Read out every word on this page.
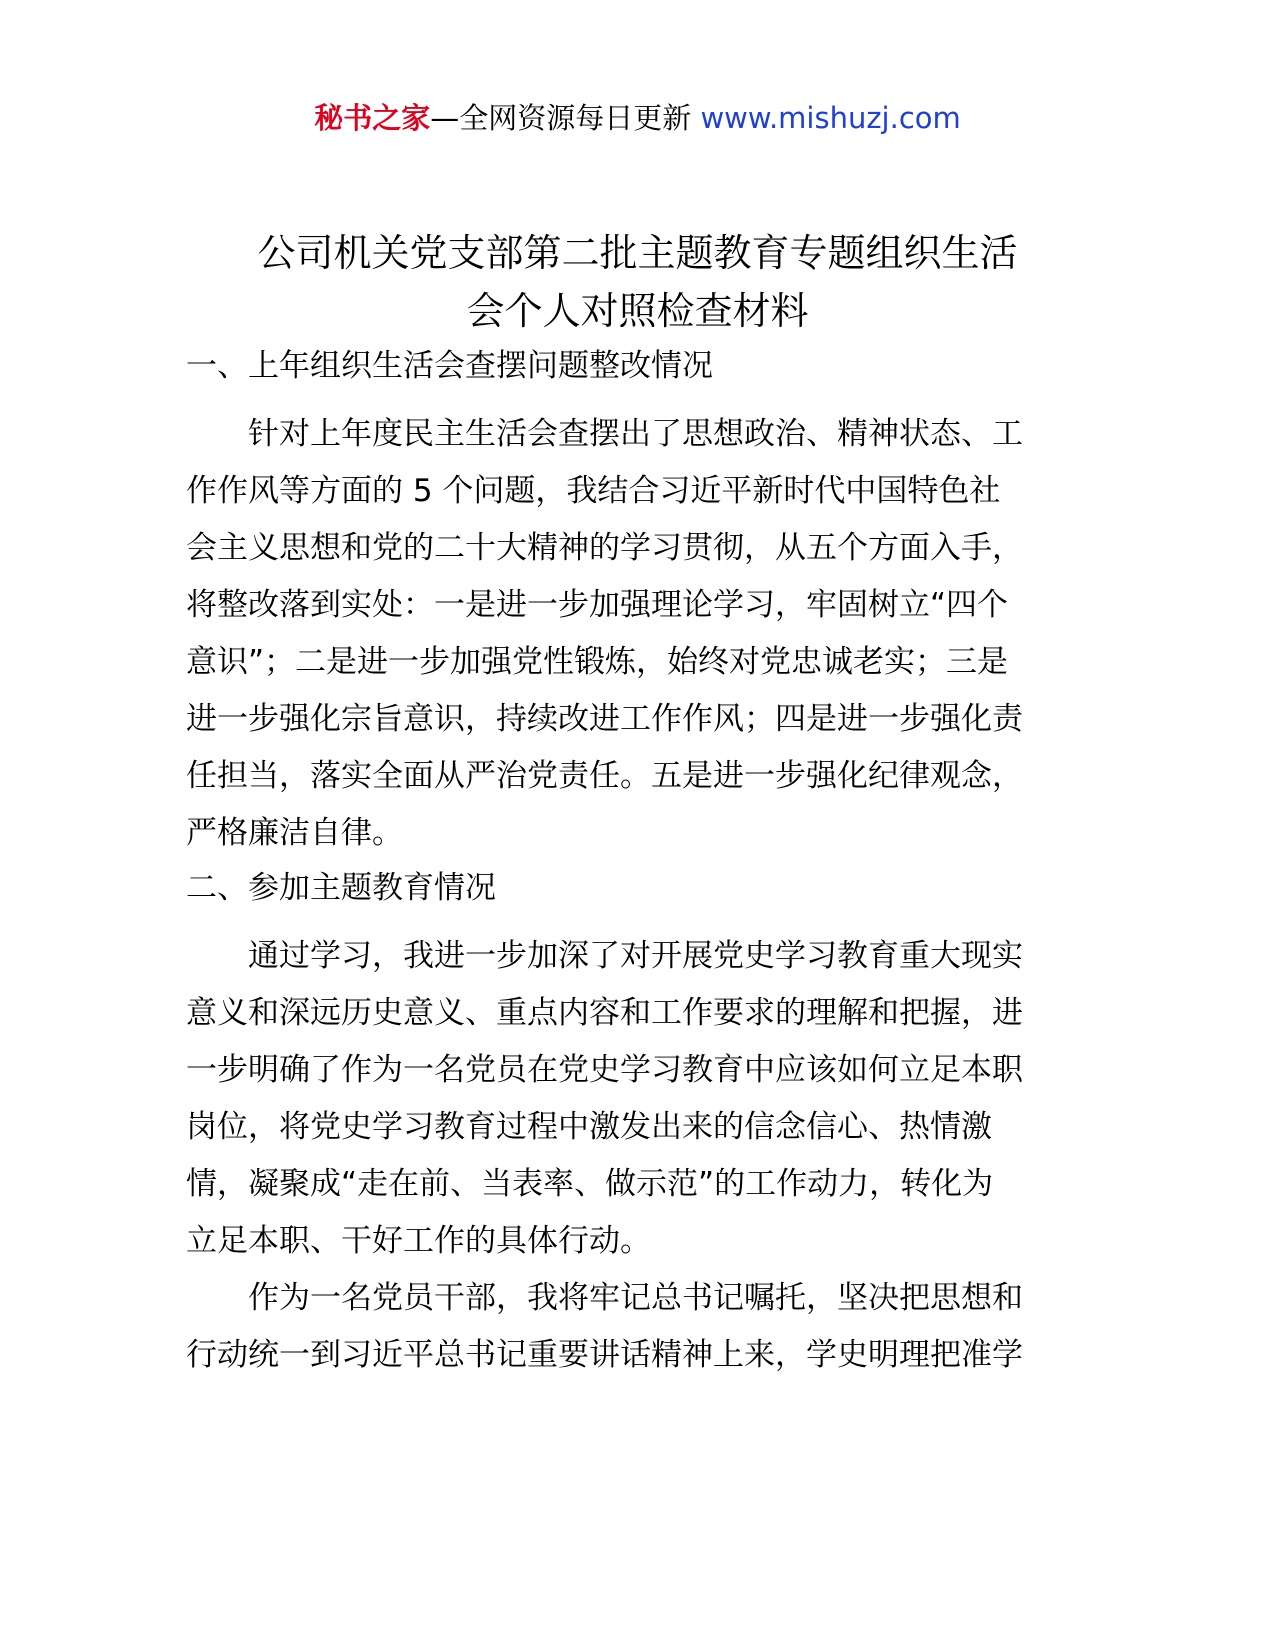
秘书之家—全网资源每日更新 www.mishuzj.com
公司机关党支部第二批主题教育专题组织生活
会个人对照检查材料
一、上年组织生活会查摆问题整改情况
　　针对上年度民主生活会查摆出了思想政治、精神状态、工
作作风等方面的 5 个问题，我结合习近平新时代中国特色社
会主义思想和党的二十大精神的学习贯彻，从五个方面入手，
将整改落到实处：一是进一步加强理论学习，牢固树立“四个
意识”；二是进一步加强党性锻炼，始终对党忠诚老实；三是
进一步强化宗旨意识，持续改进工作作风；四是进一步强化责
任担当，落实全面从严治党责任。五是进一步强化纪律观念，
严格廉洁自律。
二、参加主题教育情况
　　通过学习，我进一步加深了对开展党史学习教育重大现实
意义和深远历史意义、重点内容和工作要求的理解和把握，进
一步明确了作为一名党员在党史学习教育中应该如何立足本职
岗位，将党史学习教育过程中激发出来的信念信心、热情激
情，凝聚成“走在前、当表率、做示范”的工作动力，转化为
立足本职、干好工作的具体行动。
　　作为一名党员干部，我将牢记总书记嘱托，坚决把思想和
行动统一到习近平总书记重要讲话精神上来，学史明理把准学
